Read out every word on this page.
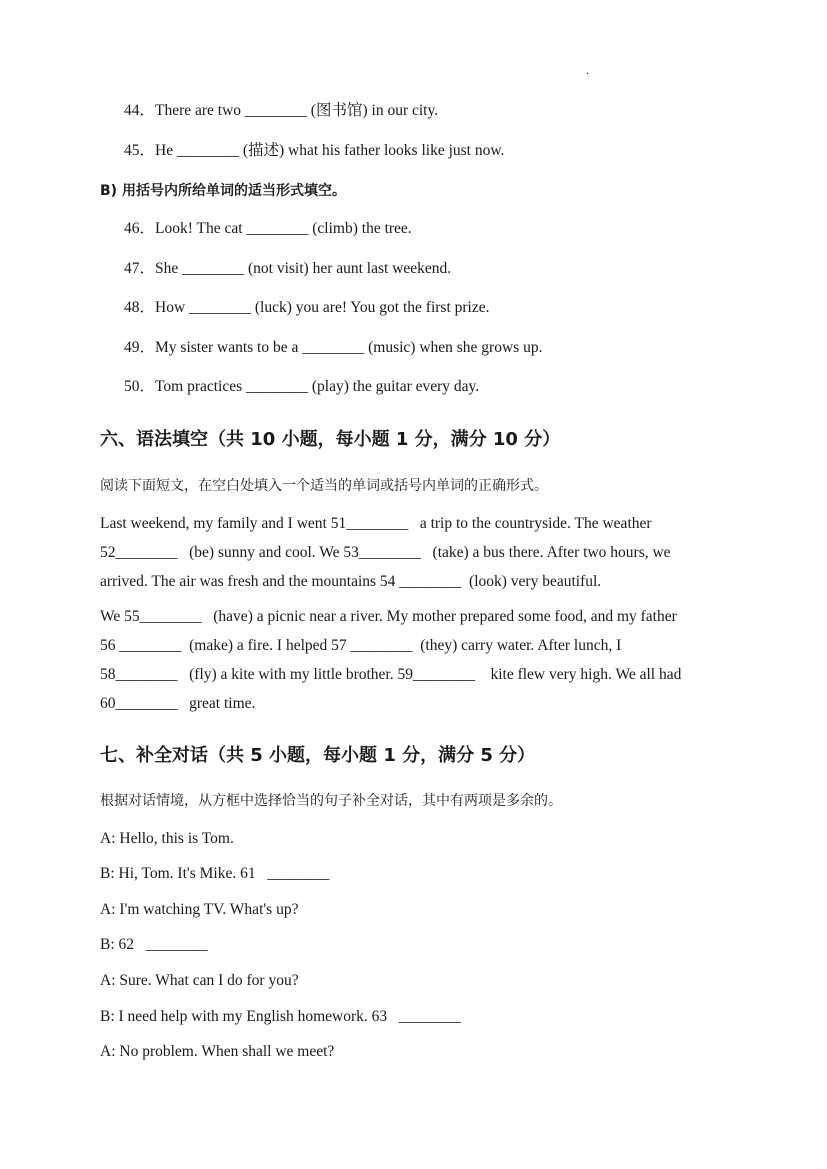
.
44．There are two ________ (图书馆) in our city.
45．He ________ (描述) what his father looks like just now.
B) 用括号内所给单词的适当形式填空。
46．Look! The cat ________ (climb) the tree.
47．She ________ (not visit) her aunt last weekend.
48．How ________ (luck) you are! You got the first prize.
49．My sister wants to be a ________ (music) when she grows up.
50．Tom practices ________ (play) the guitar every day.
六、语法填空（共 10 小题，每小题 1 分，满分 10 分）
阅读下面短文，在空白处填入一个适当的单词或括号内单词的正确形式。
Last weekend, my family and I went 51________   a trip to the countryside. The weather
52________   (be) sunny and cool. We 53________   (take) a bus there. After two hours, we
arrived. The air was fresh and the mountains 54 ________  (look) very beautiful.
We 55________   (have) a picnic near a river. My mother prepared some food, and my father
56 ________  (make) a fire. I helped 57 ________  (they) carry water. After lunch, I
58________   (fly) a kite with my little brother. 59________    kite flew very high. We all had
60________   great time.
七、补全对话（共 5 小题，每小题 1 分，满分 5 分）
根据对话情境，从方框中选择恰当的句子补全对话，其中有两项是多余的。
A: Hello, this is Tom.
B: Hi, Tom. It's Mike. 61   ________
A: I'm watching TV. What's up?
B: 62   ________
A: Sure. What can I do for you?
B: I need help with my English homework. 63   ________
A: No problem. When shall we meet?
